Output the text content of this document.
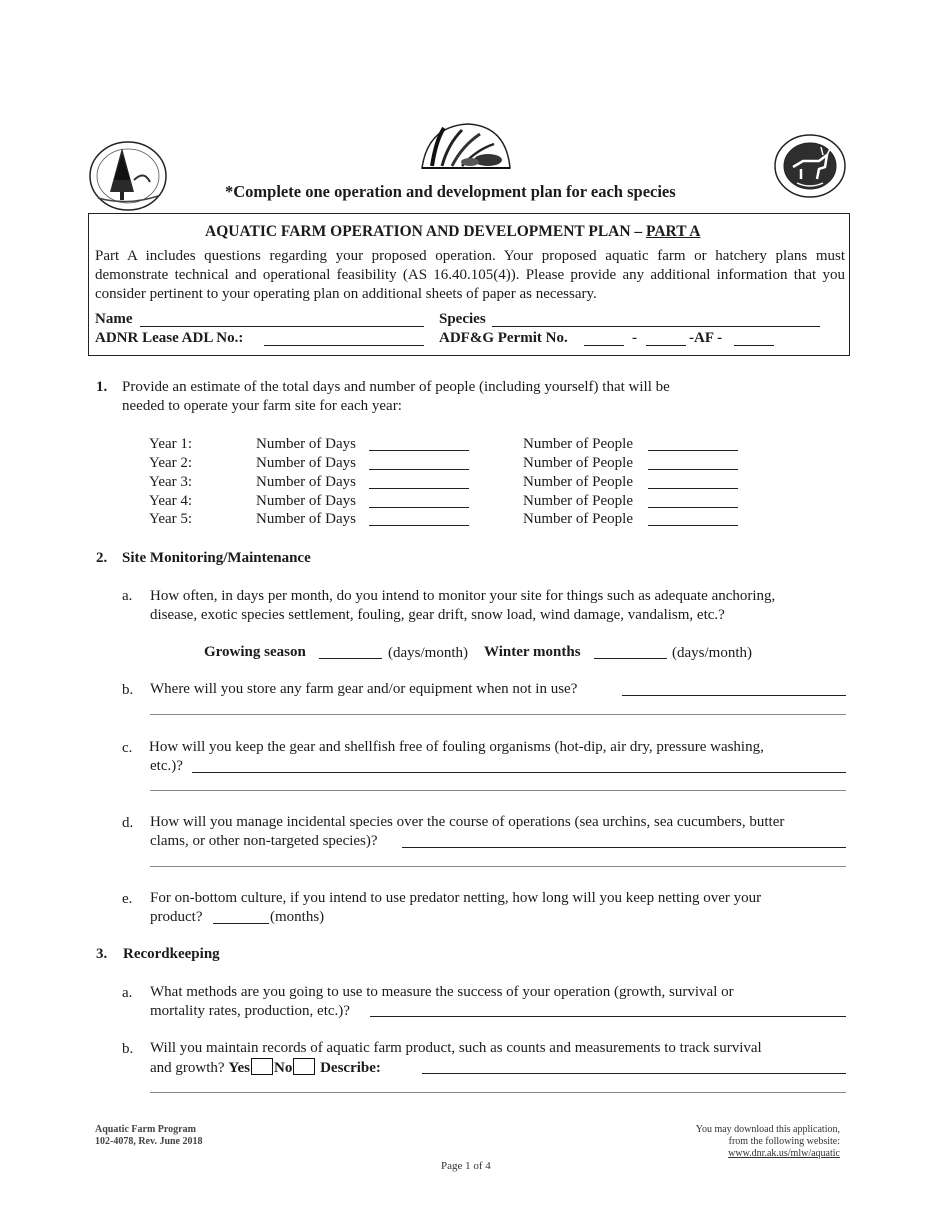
*Complete one operation and development plan for each species
AQUATIC FARM OPERATION AND DEVELOPMENT PLAN – PART A
Part A includes questions regarding your proposed operation. Your proposed aquatic farm or hatchery plans must demonstrate technical and operational feasibility (AS 16.40.105(4)). Please provide any additional information that you consider pertinent to your operating plan on additional sheets of paper as necessary.
Name	Species
ADNR Lease ADL No.:	ADF&G Permit No.	-	-AF -
1. Provide an estimate of the total days and number of people (including yourself) that will be
needed to operate your farm site for each year:
Year 1:	Number of Days	Number of People
Year 2:	Number of Days	Number of People
Year 3:	Number of Days	Number of People
Year 4:	Number of Days	Number of People
Year 5:	Number of Days	Number of People
2. Site Monitoring/Maintenance
a. How often, in days per month, do you intend to monitor your site for things such as adequate anchoring,
disease, exotic species settlement, fouling, gear drift, snow load, wind damage, vandalism, etc.?
Growing season	(days/month) Winter months	(days/month)
b. Where will you store any farm gear and/or equipment when not in use?
c. How will you keep the gear and shellfish free of fouling organisms (hot-dip, air dry, pressure washing,
etc.)?
d. How will you manage incidental species over the course of operations (sea urchins, sea cucumbers, butter
clams, or other non-targeted species)?
e. For on-bottom culture, if you intend to use predator netting, how long will you keep netting over your
product?	(months)
3. Recordkeeping
a. What methods are you going to use to measure the success of your operation (growth, survival or
mortality rates, production, etc.)?
b. Will you maintain records of aquatic farm product, such as counts and measurements to track survival
and growth? Yes No Describe:
Aquatic Farm Program
102-4078, Rev. June 2018
You may download this application,
from the following website:
www.dnr.ak.us/mlw/aquatic
Page 1 of 4
